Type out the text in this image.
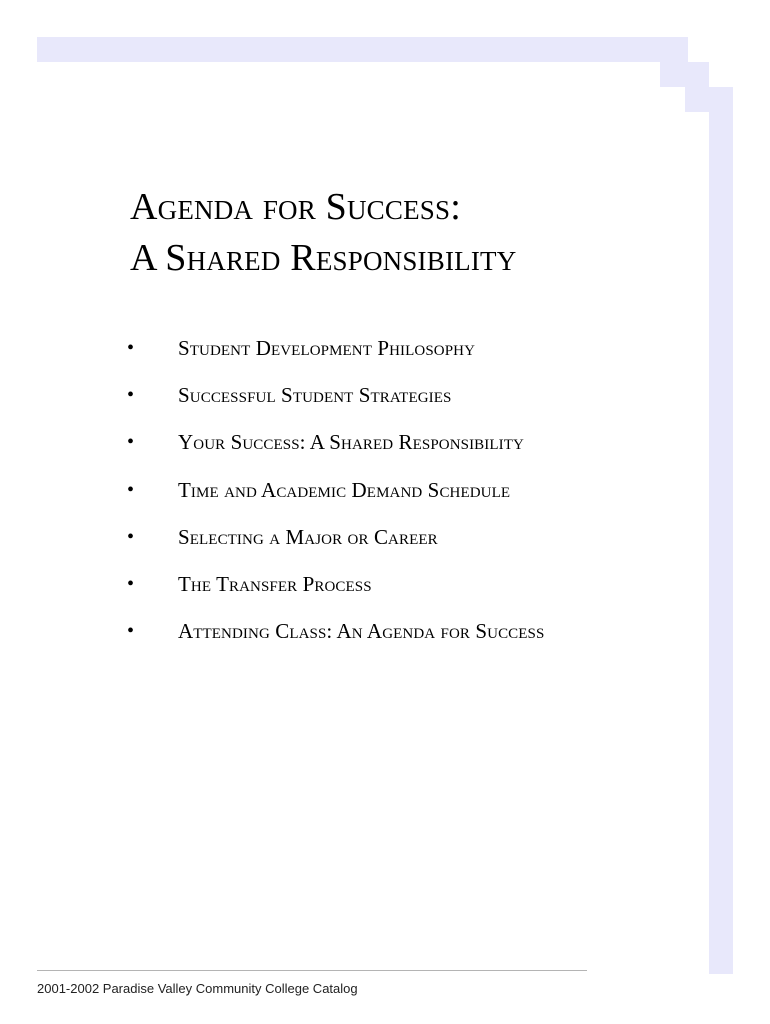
Agenda for Success:
A Shared Responsibility
• Student Development Philosophy
• Successful Student Strategies
• Your Success: A Shared Responsibility
• Time and Academic Demand Schedule
• Selecting a Major or Career
• The Transfer Process
• Attending Class: An Agenda for Success
2001-2002 Paradise Valley Community College Catalog
